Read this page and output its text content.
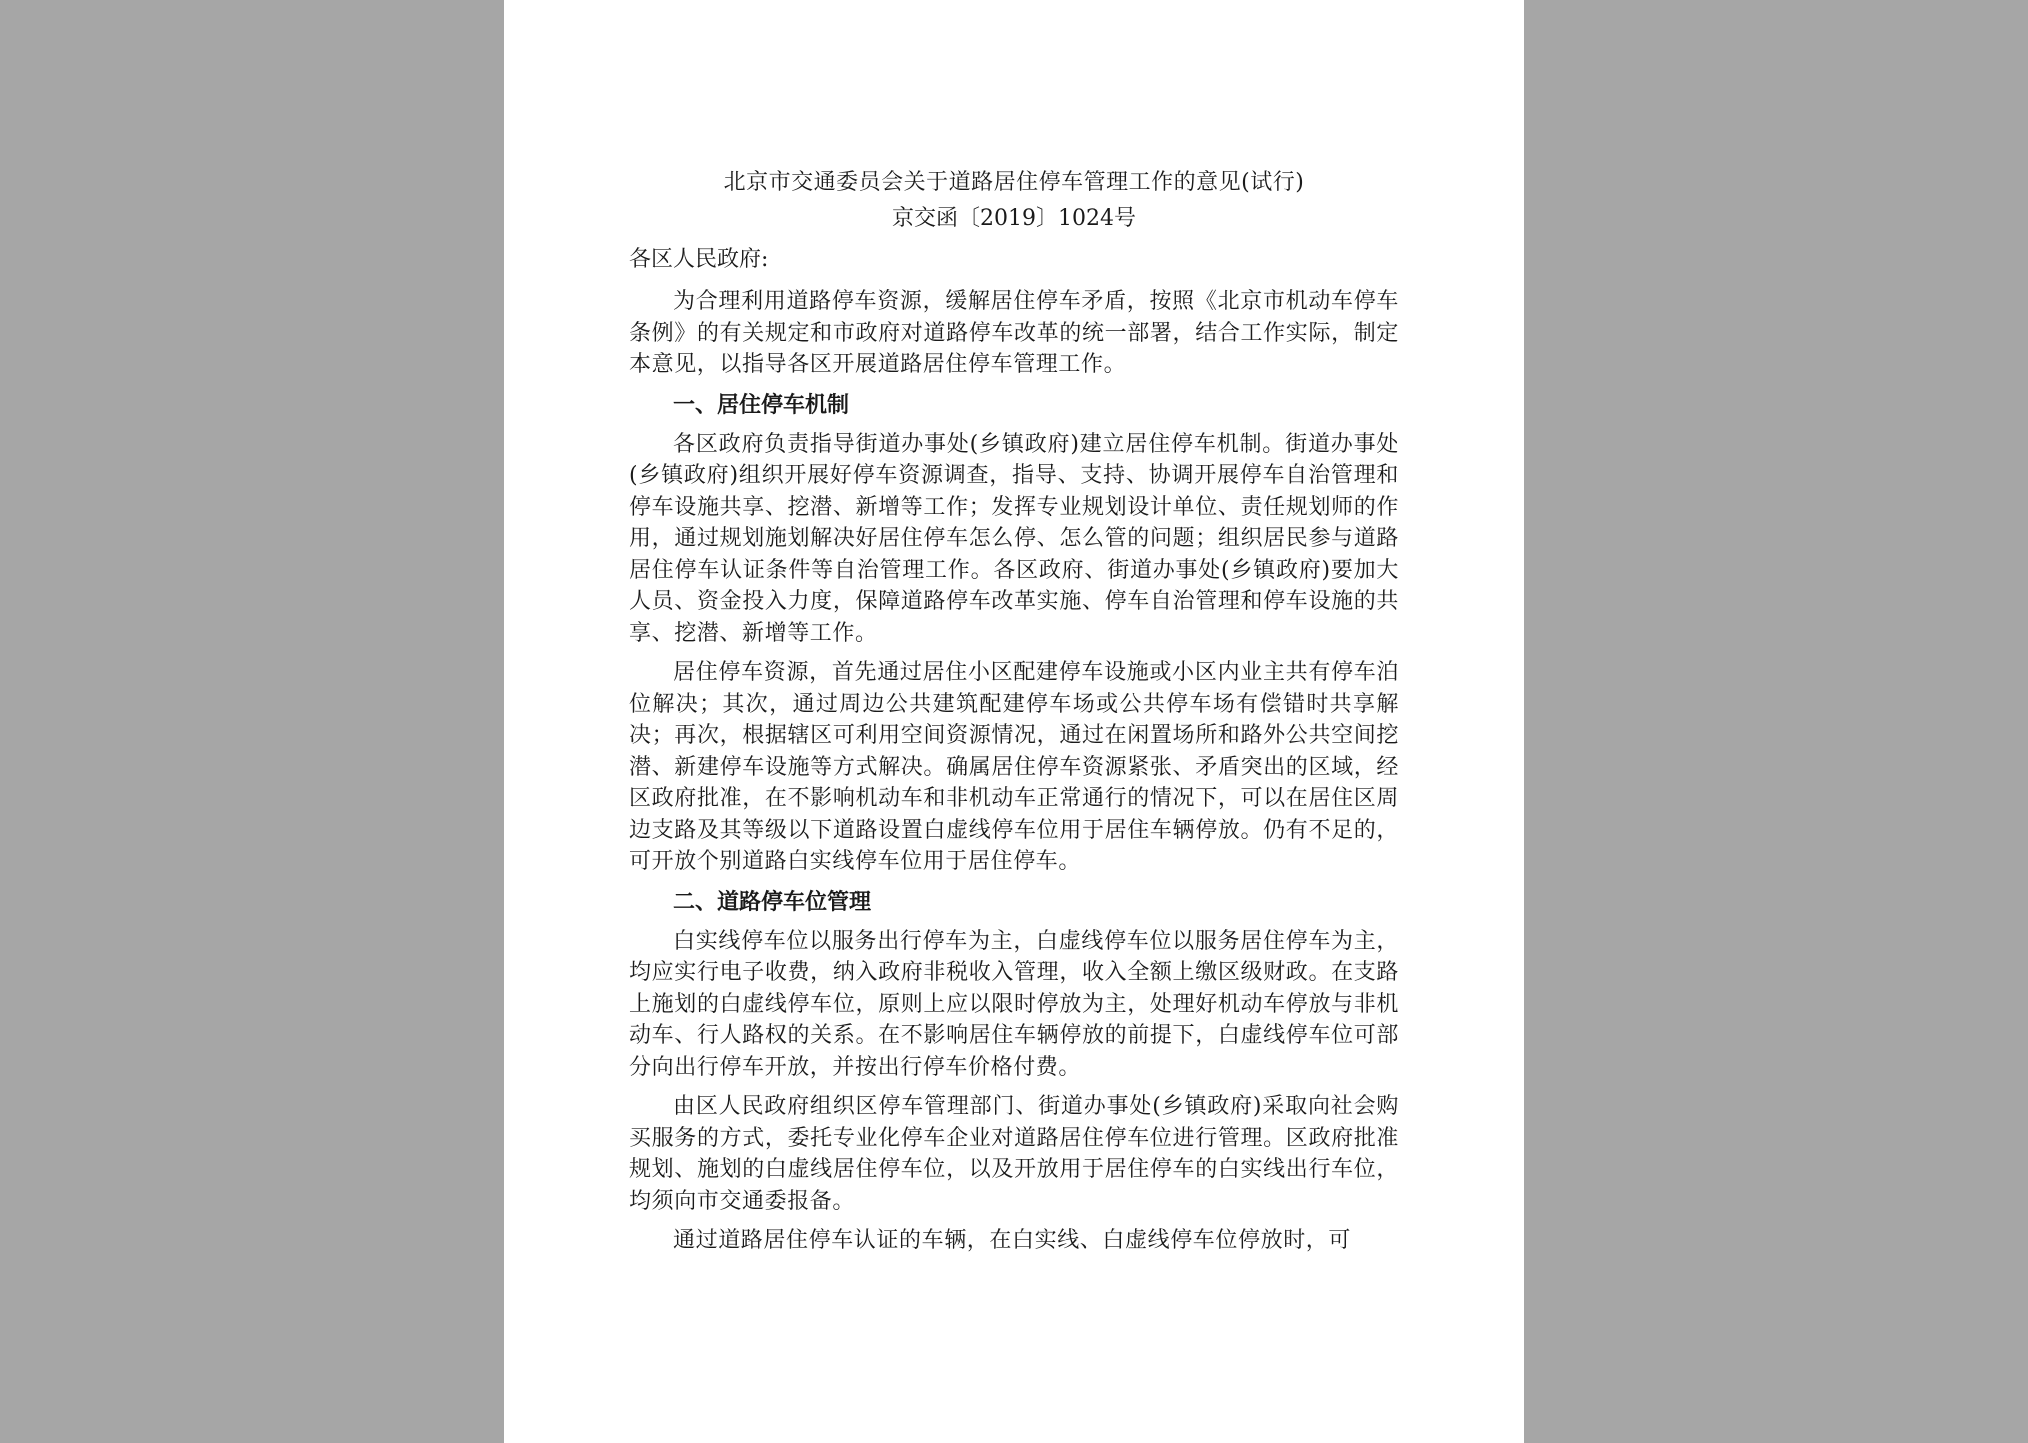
北京市交通委员会关于道路居住停车管理工作的意见(试行)

京交函〔2019〕1024号

各区人民政府:

为合理利用道路停车资源，缓解居住停车矛盾，按照《北京市机动车停车条例》的有关规定和市政府对道路停车改革的统一部署，结合工作实际，制定本意见，以指导各区开展道路居住停车管理工作。

一、居住停车机制

各区政府负责指导街道办事处(乡镇政府)建立居住停车机制。街道办事处(乡镇政府)组织开展好停车资源调查，指导、支持、协调开展停车自治管理和停车设施共享、挖潜、新增等工作；发挥专业规划设计单位、责任规划师的作用，通过规划施划解决好居住停车怎么停、怎么管的问题；组织居民参与道路居住停车认证条件等自治管理工作。各区政府、街道办事处(乡镇政府)要加大人员、资金投入力度，保障道路停车改革实施、停车自治管理和停车设施的共享、挖潜、新增等工作。

居住停车资源，首先通过居住小区配建停车设施或小区内业主共有停车泊位解决；其次，通过周边公共建筑配建停车场或公共停车场有偿错时共享解决；再次，根据辖区可利用空间资源情况，通过在闲置场所和路外公共空间挖潜、新建停车设施等方式解决。确属居住停车资源紧张、矛盾突出的区域，经区政府批准，在不影响机动车和非机动车正常通行的情况下，可以在居住区周边支路及其等级以下道路设置白虚线停车位用于居住车辆停放。仍有不足的，可开放个别道路白实线停车位用于居住停车。

二、道路停车位管理

白实线停车位以服务出行停车为主，白虚线停车位以服务居住停车为主，均应实行电子收费，纳入政府非税收入管理，收入全额上缴区级财政。在支路上施划的白虚线停车位，原则上应以限时停放为主，处理好机动车停放与非机动车、行人路权的关系。在不影响居住车辆停放的前提下，白虚线停车位可部分向出行停车开放，并按出行停车价格付费。

由区人民政府组织区停车管理部门、街道办事处(乡镇政府)采取向社会购买服务的方式，委托专业化停车企业对道路居住停车位进行管理。区政府批准规划、施划的白虚线居住停车位，以及开放用于居住停车的白实线出行车位，均须向市交通委报备。

通过道路居住停车认证的车辆，在白实线、白虚线停车位停放时，可
